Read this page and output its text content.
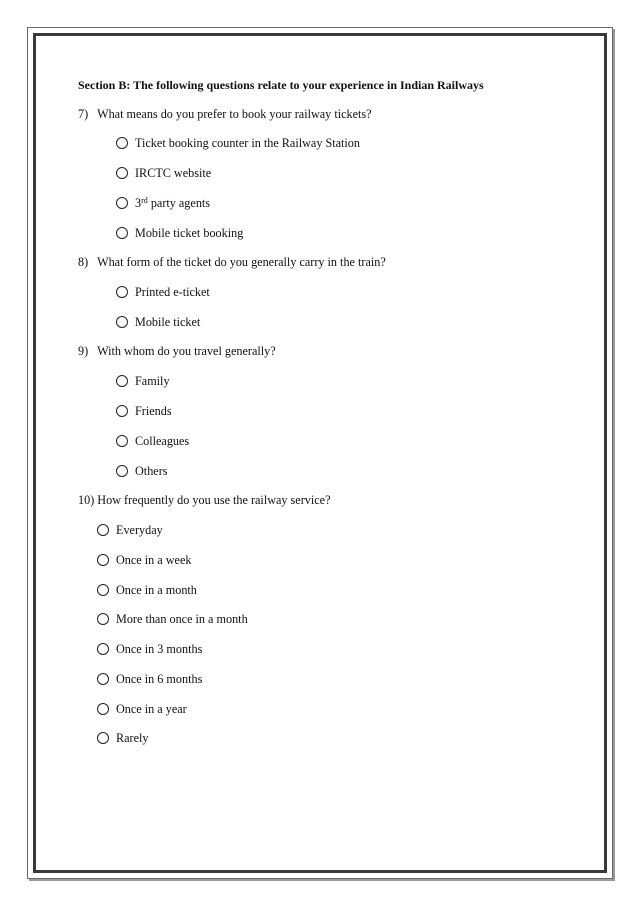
Section B: The following questions relate to your experience in Indian Railways
7) What means do you prefer to book your railway tickets?
Ticket booking counter in the Railway Station
IRCTC website
3rd party agents
Mobile ticket booking
8) What form of the ticket do you generally carry in the train?
Printed e-ticket
Mobile ticket
9) With whom do you travel generally?
Family
Friends
Colleagues
Others
10) How frequently do you use the railway service?
Everyday
Once in a week
Once in a month
More than once in a month
Once in 3 months
Once in 6 months
Once in a year
Rarely
